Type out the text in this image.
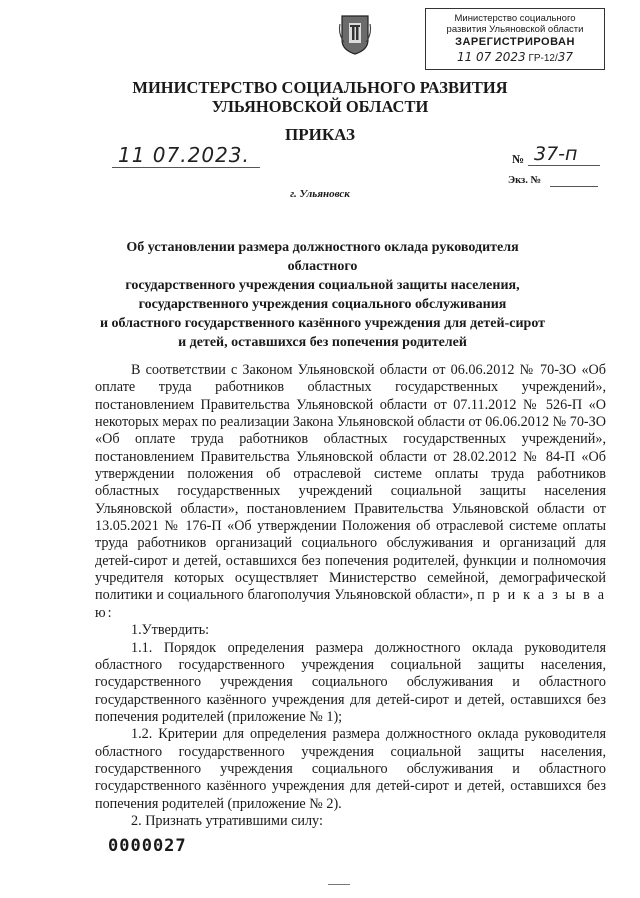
Министерство социального
развития Ульяновской области
ЗАРЕГИСТРИРОВАН
11 07 2023 ГР-12/37
МИНИСТЕРСТВО СОЦИАЛЬНОГО РАЗВИТИЯ
УЛЬЯНОВСКОЙ ОБЛАСТИ
ПРИКАЗ
11 07.2023.	№ 37-п
Экз. №
г. Ульяновск
Об установлении размера должностного оклада руководителя областного
государственного учреждения социальной защиты населения,
государственного учреждения социального обслуживания
и областного государственного казённого учреждения для детей-сирот
и детей, оставшихся без попечения родителей

В соответствии с Законом Ульяновской области от 06.06.2012 № 70-ЗО «Об оплате труда работников областных государственных учреждений», постановлением Правительства Ульяновской области от 07.11.2012 № 526-П «О некоторых мерах по реализации Закона Ульяновской области от 06.06.2012 № 70-ЗО «Об оплате труда работников областных государственных учреждений», постановлением Правительства Ульяновской области от 28.02.2012 № 84-П «Об утверждении положения об отраслевой системе оплаты труда работников областных государственных учреждений социальной защиты населения Ульяновской области», постановлением Правительства Ульяновской области от 13.05.2021 № 176-П «Об утверждении Положения об отраслевой системе оплаты труда работников организаций социального обслуживания и организаций для детей-сирот и детей, оставшихся без попечения родителей, функции и полномочия учредителя которых осуществляет Министерство семейной, демографической политики и социального благополучия Ульяновской области», п р и к а з ы в а ю:

1.Утвердить:

1.1. Порядок определения размера должностного оклада руководителя областного государственного учреждения социальной защиты населения, государственного учреждения социального обслуживания и областного государственного казённого учреждения для детей-сирот и детей, оставшихся без попечения родителей (приложение № 1);

1.2. Критерии для определения размера должностного оклада руководителя областного государственного учреждения социальной защиты населения, государственного учреждения социального обслуживания и областного государственного казённого учреждения для детей-сирот и детей, оставшихся без попечения родителей (приложение № 2).

2. Признать утратившими силу:

0000027
